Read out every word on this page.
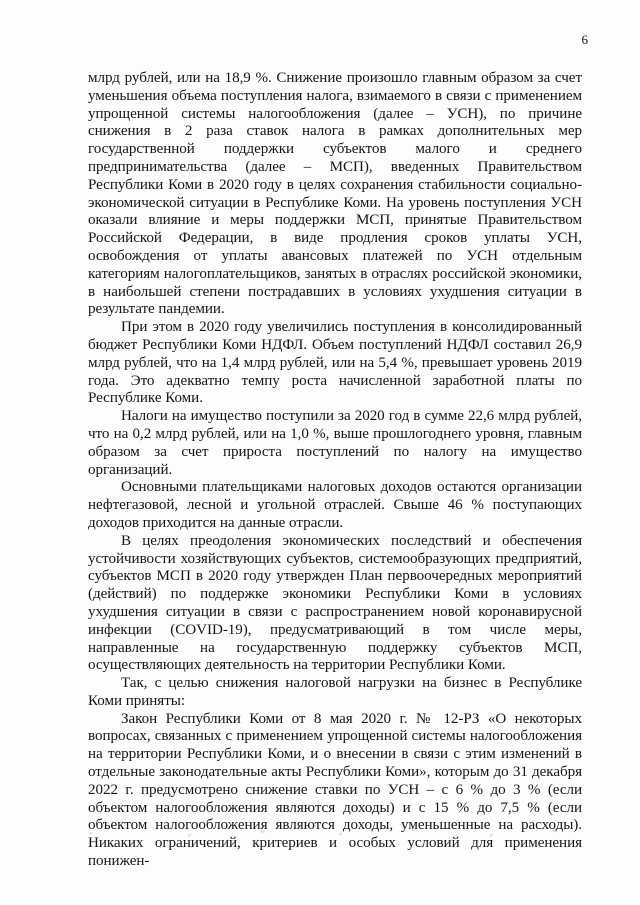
6

млрд рублей, или на 18,9 %. Снижение произошло главным образом за счет уменьшения объема поступления налога, взимаемого в связи с применением упрощенной системы налогообложения (далее – УСН), по причине снижения в 2 раза ставок налога в рамках дополнительных мер государственной поддержки субъектов малого и среднего предпринимательства (далее – МСП), введенных Правительством Республики Коми в 2020 году в целях сохранения стабильности социально-экономической ситуации в Республике Коми. На уровень поступления УСН оказали влияние и меры поддержки МСП, принятые Правительством Российской Федерации, в виде продления сроков уплаты УСН, освобождения от уплаты авансовых платежей по УСН отдельным категориям налогоплательщиков, занятых в отраслях российской экономики, в наибольшей степени пострадавших в условиях ухудшения ситуации в результате пандемии.

При этом в 2020 году увеличились поступления в консолидированный бюджет Республики Коми НДФЛ. Объем поступлений НДФЛ составил 26,9 млрд рублей, что на 1,4 млрд рублей, или на 5,4 %, превышает уровень 2019 года. Это адекватно темпу роста начисленной заработной платы по Республике Коми.

Налоги на имущество поступили за 2020 год в сумме 22,6 млрд рублей, что на 0,2 млрд рублей, или на 1,0 %, выше прошлогоднего уровня, главным образом за счет прироста поступлений по налогу на имущество организаций.

Основными плательщиками налоговых доходов остаются организации нефтегазовой, лесной и угольной отраслей. Свыше 46 % поступающих доходов приходится на данные отрасли.

В целях преодоления экономических последствий и обеспечения устойчивости хозяйствующих субъектов, системообразующих предприятий, субъектов МСП в 2020 году утвержден План первоочередных мероприятий (действий) по поддержке экономики Республики Коми в условиях ухудшения ситуации в связи с распространением новой коронавирусной инфекции (COVID-19), предусматривающий в том числе меры, направленные на государственную поддержку субъектов МСП, осуществляющих деятельность на территории Республики Коми.

Так, с целью снижения налоговой нагрузки на бизнес в Республике Коми приняты:

Закон Республики Коми от 8 мая 2020 г. № 12-РЗ «О некоторых вопросах, связанных с применением упрощенной системы налогообложения на территории Республики Коми, и о внесении в связи с этим изменений в отдельные законодательные акты Республики Коми», которым до 31 декабря 2022 г. предусмотрено снижение ставки по УСН – с 6 % до 3 % (если объектом налогообложения являются доходы) и с 15 % до 7,5 % (если объектом налогообложения являются доходы, уменьшенные на расходы). Никаких ограничений, критериев и особых условий для применения понижен-
